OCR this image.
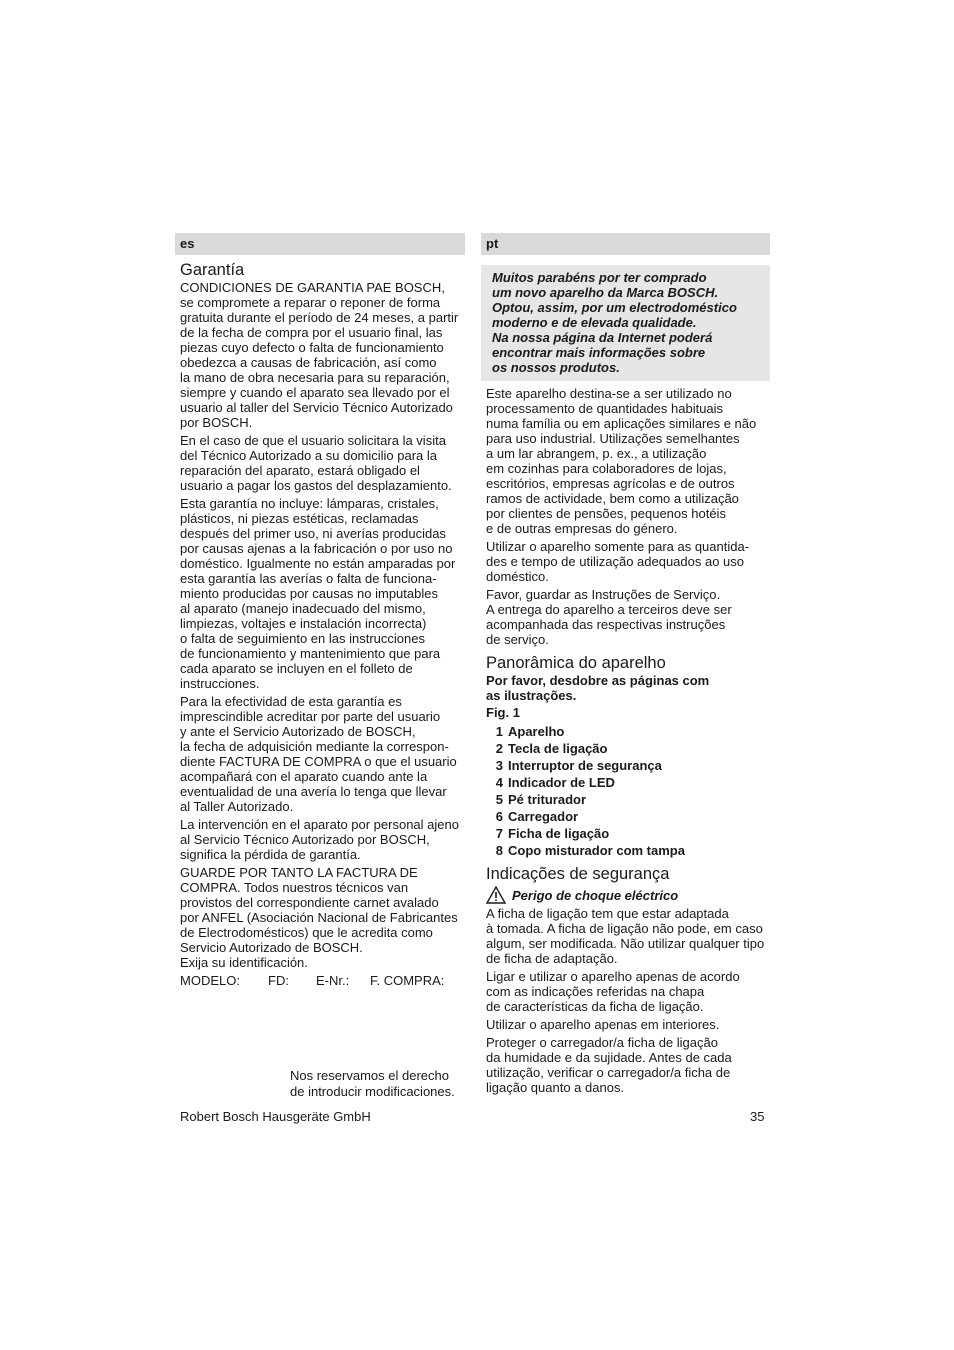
es
Garantía

CONDICIONES DE GARANTIA PAE BOSCH,
se compromete a reparar o reponer de forma
gratuita durante el período de 24 meses, a partir
de la fecha de compra por el usuario final, las
piezas cuyo defecto o falta de funcionamiento
obedezca a causas de fabricación, así como
la mano de obra necesaria para su reparación,
siempre y cuando el aparato sea llevado por el
usuario al taller del Servicio Técnico Autorizado
por BOSCH.

En el caso de que el usuario solicitara la visita
del Técnico Autorizado a su domicilio para la
reparación del aparato, estará obligado el
usuario a pagar los gastos del desplazamiento.

Esta garantía no incluye: lámparas, cristales,
plásticos, ni piezas estéticas, reclamadas
después del primer uso, ni averías producidas
por causas ajenas a la fabricación o por uso no
doméstico. Igualmente no están amparadas por
esta garantía las averías o falta de funciona-
miento producidas por causas no imputables
al aparato (manejo inadecuado del mismo,
limpiezas, voltajes e instalación incorrecta)
o falta de seguimiento en las instrucciones
de funcionamiento y mantenimiento que para
cada aparato se incluyen en el folleto de
instrucciones.

Para la efectividad de esta garantía es
imprescindible acreditar por parte del usuario
y ante el Servicio Autorizado de BOSCH,
la fecha de adquisición mediante la correspon-
diente FACTURA DE COMPRA o que el usuario
acompañará con el aparato cuando ante la
eventualidad de una avería lo tenga que llevar
al Taller Autorizado.

La intervención en el aparato por personal ajeno
al Servicio Técnico Autorizado por BOSCH,
significa la pérdida de garantía.

GUARDE POR TANTO LA FACTURA DE
COMPRA. Todos nuestros técnicos van
provistos del correspondiente carnet avalado
por ANFEL (Asociación Nacional de Fabricantes
de Electrodomésticos) que le acredita como
Servicio Autorizado de BOSCH.
Exija su identificación.

MODELO:	FD:	E-Nr.:	F. COMPRA:
Nos reservamos el derecho
de introducir modificaciones.
pt
Muitos parabéns por ter comprado
um novo aparelho da Marca BOSCH.
Optou, assim, por um electrodoméstico
moderno e de elevada qualidade.
Na nossa página da Internet poderá
encontrar mais informações sobre
os nossos produtos.

Este aparelho destina-se a ser utilizado no
processamento de quantidades habituais
numa família ou em aplicações similares e não
para uso industrial. Utilizações semelhantes
a um lar abrangem, p. ex., a utilização
em cozinhas para colaboradores de lojas,
escritórios, empresas agrícolas e de outros
ramos de actividade, bem como a utilização
por clientes de pensões, pequenos hotéis
e de outras empresas do género.

Utilizar o aparelho somente para as quantida-
des e tempo de utilização adequados ao uso
doméstico.

Favor, guardar as Instruções de Serviço.
A entrega do aparelho a terceiros deve ser
acompanhada das respectivas instruções
de serviço.

Panorâmica do aparelho

Por favor, desdobre as páginas com
as ilustrações.

Fig. 1

1 Aparelho
2 Tecla de ligação
3 Interruptor de segurança
4 Indicador de LED
5 Pé triturador
6 Carregador
7 Ficha de ligação
8 Copo misturador com tampa
Indicações de segurança
Perigo de choque eléctrico

A ficha de ligação tem que estar adaptada
à tomada. A ficha de ligação não pode, em caso
algum, ser modificada. Não utilizar qualquer tipo
de ficha de adaptação.

Ligar e utilizar o aparelho apenas de acordo
com as indicações referidas na chapa
de características da ficha de ligação.

Utilizar o aparelho apenas em interiores.

Proteger o carregador/a ficha de ligação
da humidade e da sujidade. Antes de cada
utilização, verificar o carregador/a ficha de
ligação quanto a danos.

Robert Bosch Hausgeräte GmbH	35
